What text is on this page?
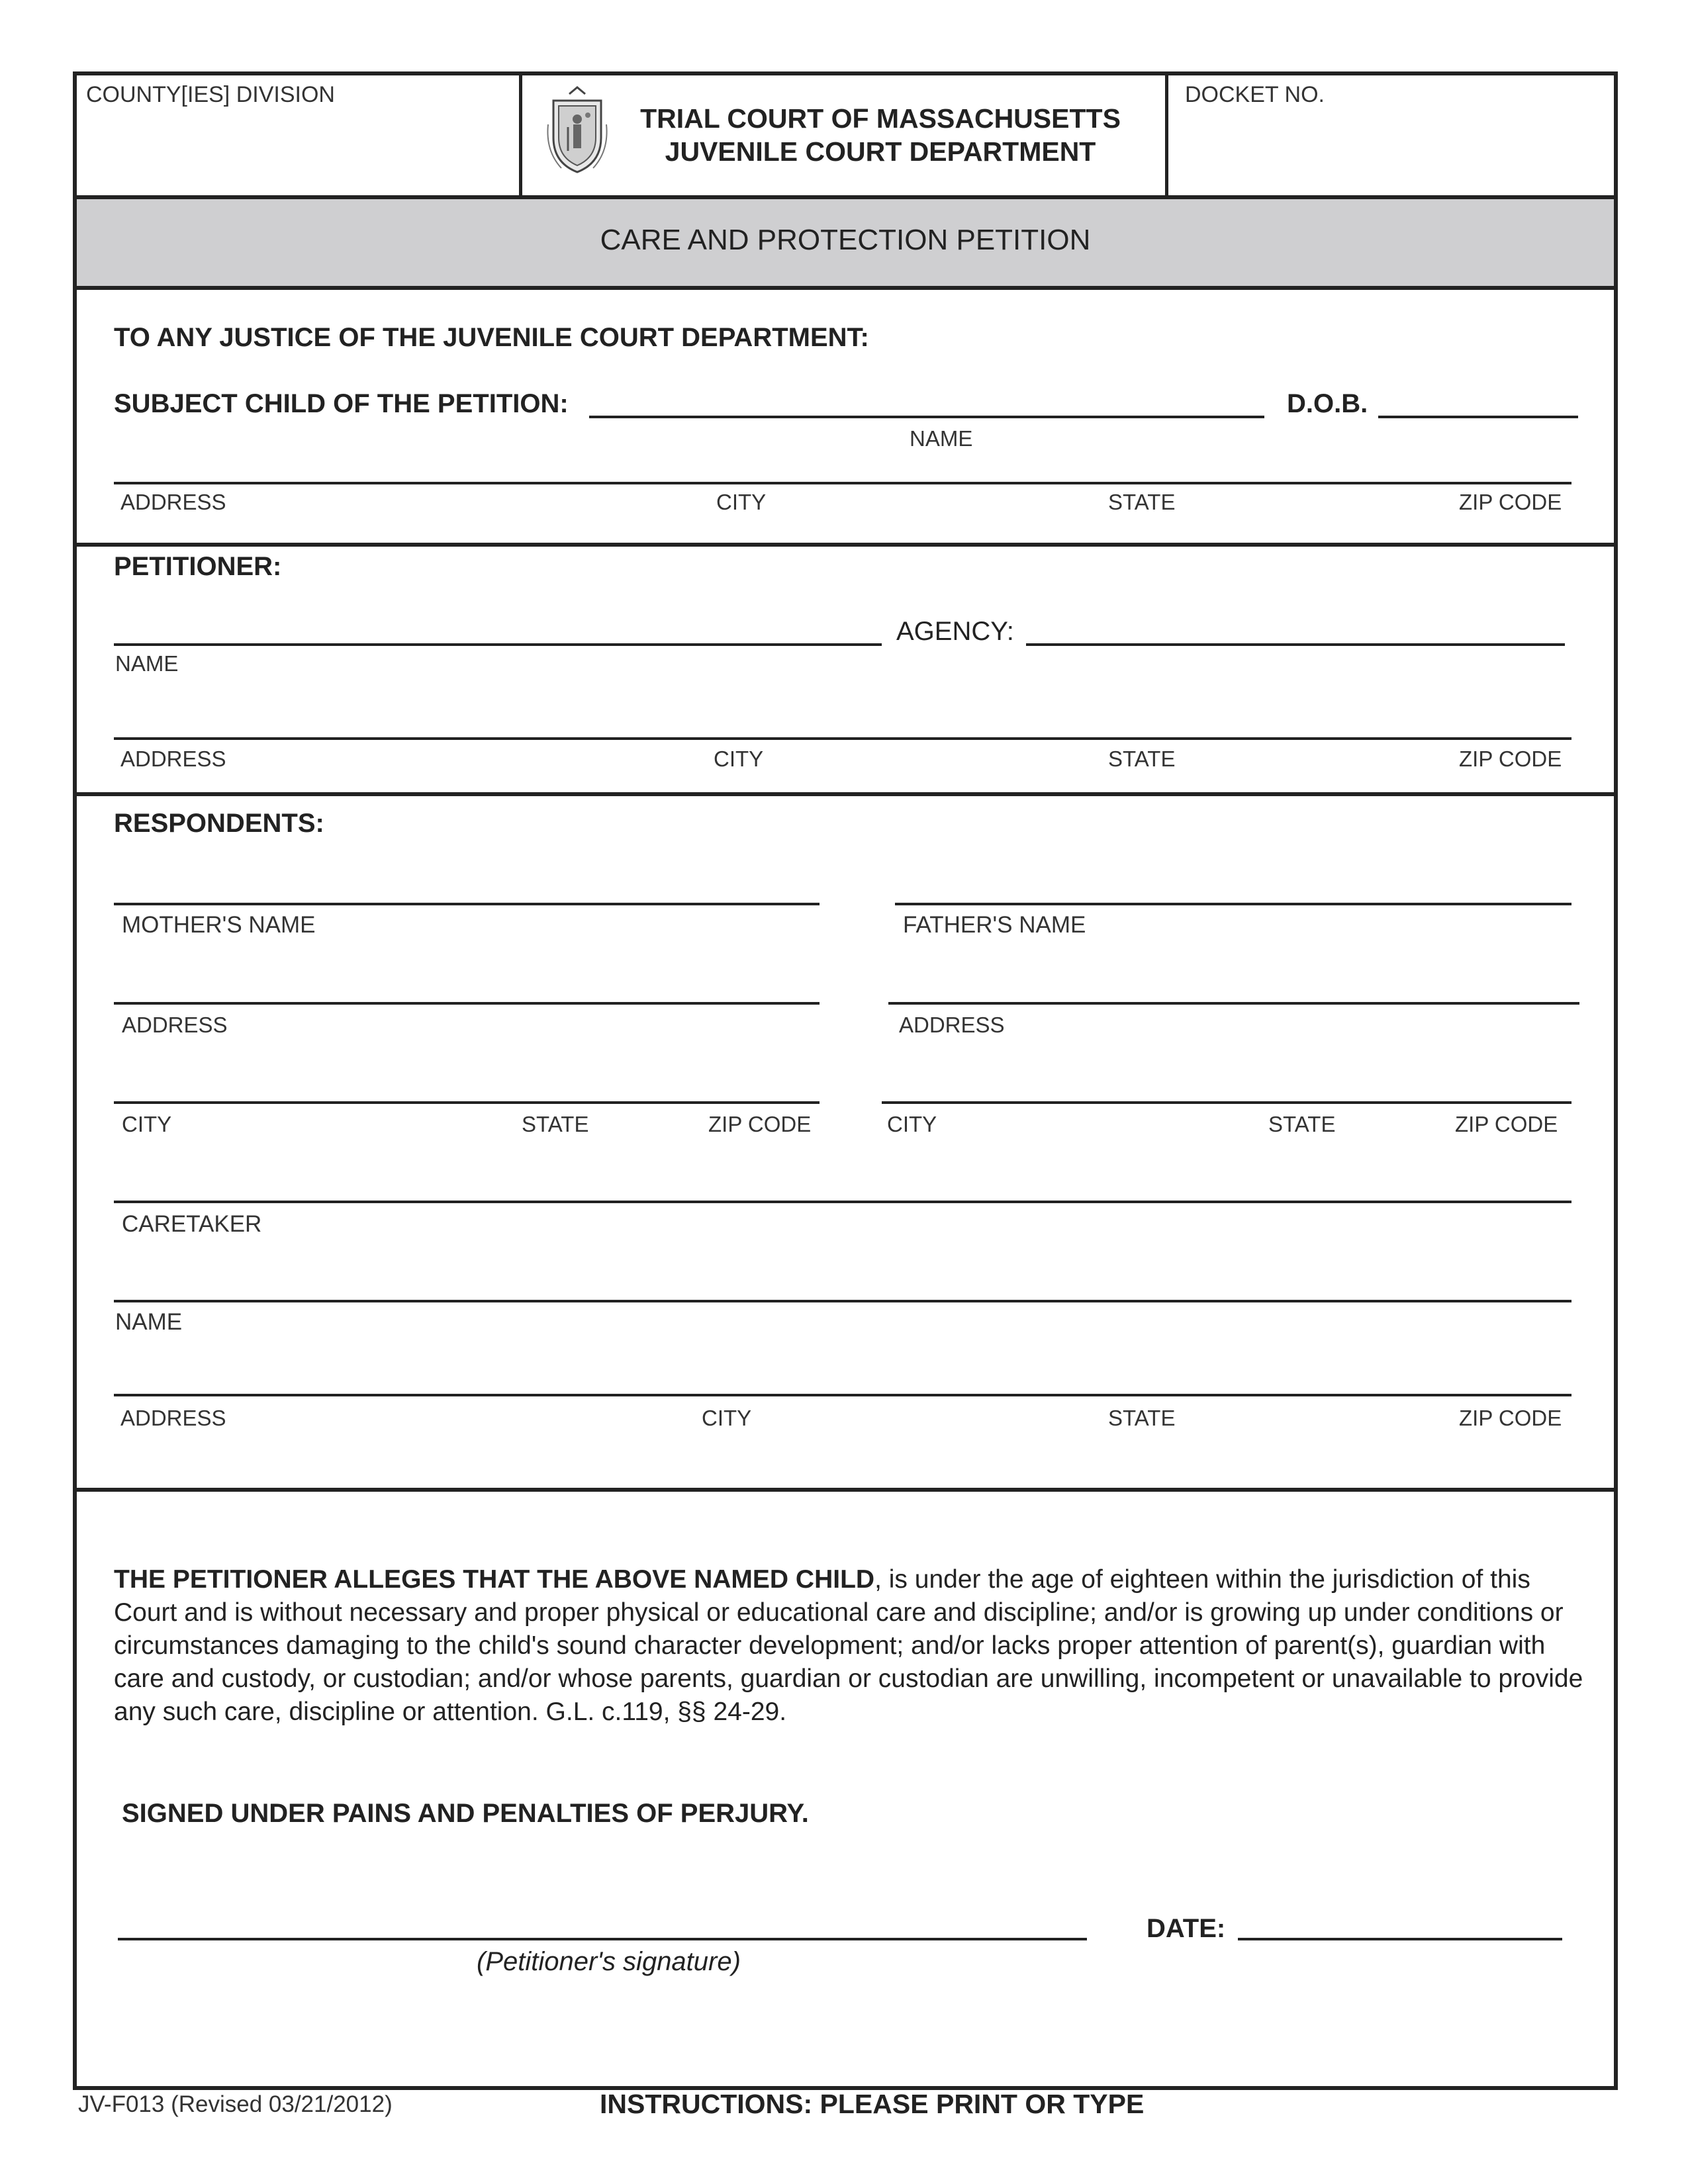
COUNTY[IES] DIVISION
TRIAL COURT OF MASSACHUSETTS
JUVENILE COURT DEPARTMENT
DOCKET NO.
CARE AND PROTECTION PETITION
TO ANY JUSTICE OF THE JUVENILE COURT DEPARTMENT:
SUBJECT CHILD OF THE PETITION:	D.O.B.
NAME
ADDRESS	CITY	STATE	ZIP CODE
PETITIONER:
AGENCY:
NAME
ADDRESS	CITY	STATE	ZIP CODE
RESPONDENTS:
MOTHER'S NAME	FATHER'S NAME
ADDRESS	ADDRESS
CITY	STATE	ZIP CODE	CITY	STATE	ZIP CODE
CARETAKER
NAME
ADDRESS	CITY	STATE	ZIP CODE
THE PETITIONER ALLEGES THAT THE ABOVE NAMED CHILD, is under the age of eighteen within the jurisdiction of this Court and is without necessary and proper physical or educational care and discipline; and/or is growing up under conditions or circumstances damaging to the child's sound character development; and/or lacks proper attention of parent(s), guardian with care and custody, or custodian; and/or whose parents, guardian or custodian are unwilling, incompetent or unavailable to provide any such care, discipline or attention. G.L. c.119, §§ 24-29.
SIGNED UNDER PAINS AND PENALTIES OF PERJURY.
(Petitioner's signature)
DATE:
JV-F013 (Revised 03/21/2012)	INSTRUCTIONS: PLEASE PRINT OR TYPE
